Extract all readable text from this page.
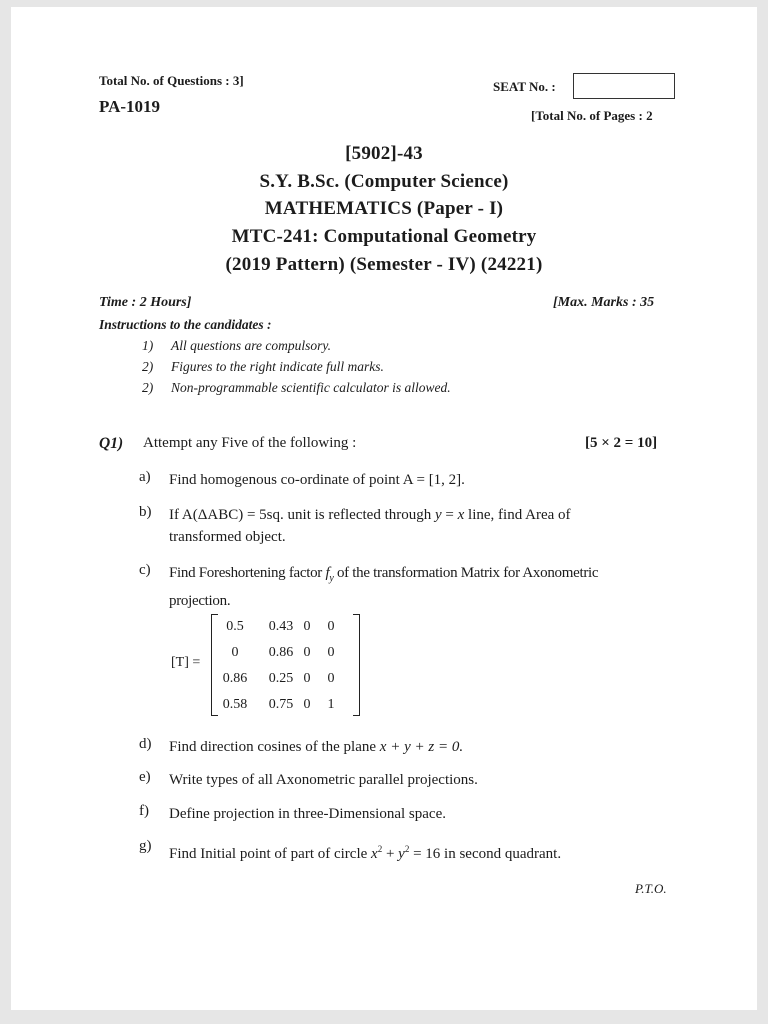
Total No. of Questions : 3]
PA-1019
SEAT No. :
[Total No. of Pages : 2
[5902]-43
S.Y. B.Sc. (Computer Science)
MATHEMATICS (Paper - I)
MTC-241: Computational Geometry
(2019 Pattern) (Semester - IV) (24221)
Time : 2 Hours]	[Max. Marks : 35
Instructions to the candidates :
1) All questions are compulsory.
2) Figures to the right indicate full marks.
2) Non-programmable scientific calculator is allowed.
Q1) Attempt any Five of the following :	[5 × 2 = 10]
a) Find homogenous co-ordinate of point A = [1, 2].
b) If A(ΔABC) = 5sq. unit is reflected through y = x line, find Area of
transformed object.
c) Find Foreshortening factor $f_y$ of the transformation Matrix for Axonometric
projection.
[T] =
0.5	0.43 0	0
0	0.86 0	0
0.86	0.25 0	0
0.58	0.75 0	1
d) Find direction cosines of the plane x + y + z = 0.
e) Write types of all Axonometric parallel projections.
f) Define projection in three-Dimensional space.
g) Find Initial point of part of circle $x^2 + y^2 = 16$ in second quadrant.
P.T.O.
